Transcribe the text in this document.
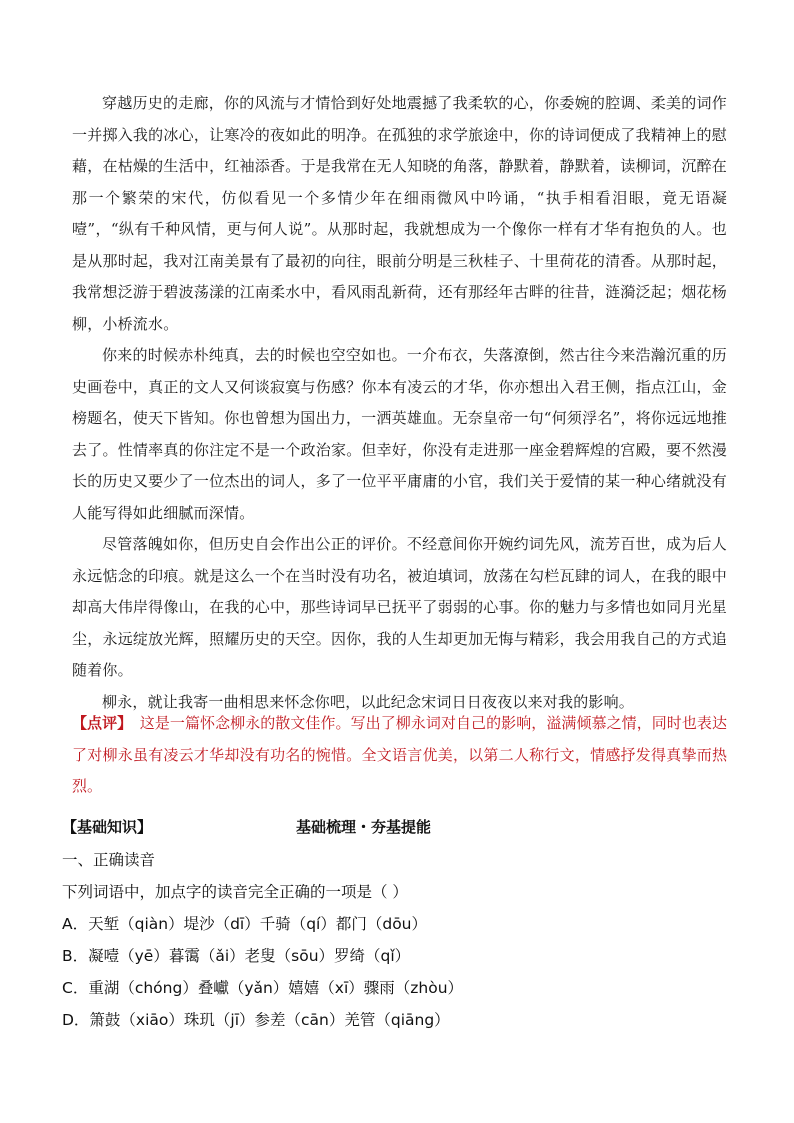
穿越历史的走廊，你的风流与才情恰到好处地震撼了我柔软的心，你委婉的腔调、柔美的词作一并掷入我的冰心，让寒冷的夜如此的明净。在孤独的求学旅途中，你的诗词便成了我精神上的慰藉，在枯燥的生活中，红袖添香。于是我常在无人知晓的角落，静默着，静默着，读柳词，沉醉在那一个繁荣的宋代，仿似看见一个多情少年在细雨微风中吟诵，“执手相看泪眼，竟无语凝噎”，“纵有千种风情，更与何人说”。从那时起，我就想成为一个像你一样有才华有抱负的人。也是从那时起，我对江南美景有了最初的向往，眼前分明是三秋桂子、十里荷花的清香。从那时起，我常想泛游于碧波荡漾的江南柔水中，看风雨乱新荷，还有那经年古畔的往昔，涟漪泛起；烟花杨柳，小桥流水。

你来的时候赤朴纯真，去的时候也空空如也。一介布衣，失落潦倒，然古往今来浩瀚沉重的历史画卷中，真正的文人又何谈寂寞与伤感？你本有凌云的才华，你亦想出入君王侧，指点江山，金榜题名，使天下皆知。你也曾想为国出力，一洒英雄血。无奈皇帝一句“何须浮名”，将你远远地推去了。性情率真的你注定不是一个政治家。但幸好，你没有走进那一座金碧辉煌的宫殿，要不然漫长的历史又要少了一位杰出的词人，多了一位平平庸庸的小官，我们关于爱情的某一种心绪就没有人能写得如此细腻而深情。

尽管落魄如你，但历史自会作出公正的评价。不经意间你开婉约词先风，流芳百世，成为后人永远惦念的印痕。就是这么一个在当时没有功名，被迫填词，放荡在勾栏瓦肆的词人，在我的眼中却高大伟岸得像山，在我的心中，那些诗词早已抚平了弱弱的心事。你的魅力与多情也如同月光星尘，永远绽放光辉，照耀历史的天空。因你，我的人生却更加无悔与精彩，我会用我自己的方式追随着你。

柳永，就让我寄一曲相思来怀念你吧，以此纪念宋词日日夜夜以来对我的影响。

【点评】　这是一篇怀念柳永的散文佳作。写出了柳永词对自己的影响，溢满倾慕之情，同时也表达了对柳永虽有凌云才华却没有功名的惋惜。全文语言优美，以第二人称行文，情感抒发得真挚而热烈。
【基础知识】	基础梳理・夯基提能
一、正确读音
下列词语中，加点字的读音完全正确的一项是（ ）
A．天堑（qiàn）堤沙（dī）千骑（qí）都门（dōu）
B．凝噎（yē）暮霭（ǎi）老叟（sōu）罗绮（qǐ）
C．重湖（chóng）叠巘（yǎn）嬉嬉（xī）骤雨（zhòu）
D．箫鼓（xiāo）珠玑（jī）参差（cān）羌管（qiāng）
